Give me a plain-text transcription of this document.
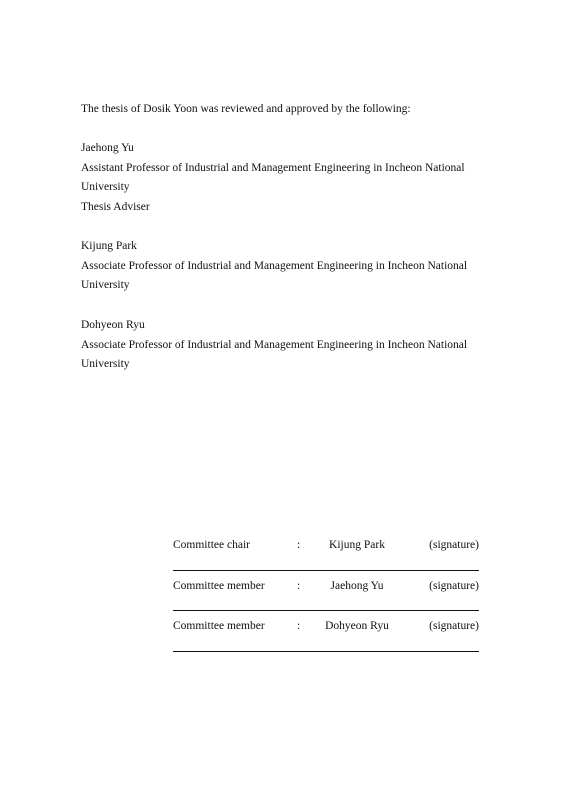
The thesis of Dosik Yoon was reviewed and approved by the following:

Jaehong Yu
Assistant Professor of Industrial and Management Engineering in Incheon National
University
Thesis Adviser
Kijung Park
Associate Professor of Industrial and Management Engineering in Incheon National
University
Dohyeon Ryu
Associate Professor of Industrial and Management Engineering in Incheon National
University
Committee chair	:	Kijung Park	(signature)
Committee member	:	Jaehong Yu	(signature)
Committee member	:	Dohyeon Ryu	(signature)
